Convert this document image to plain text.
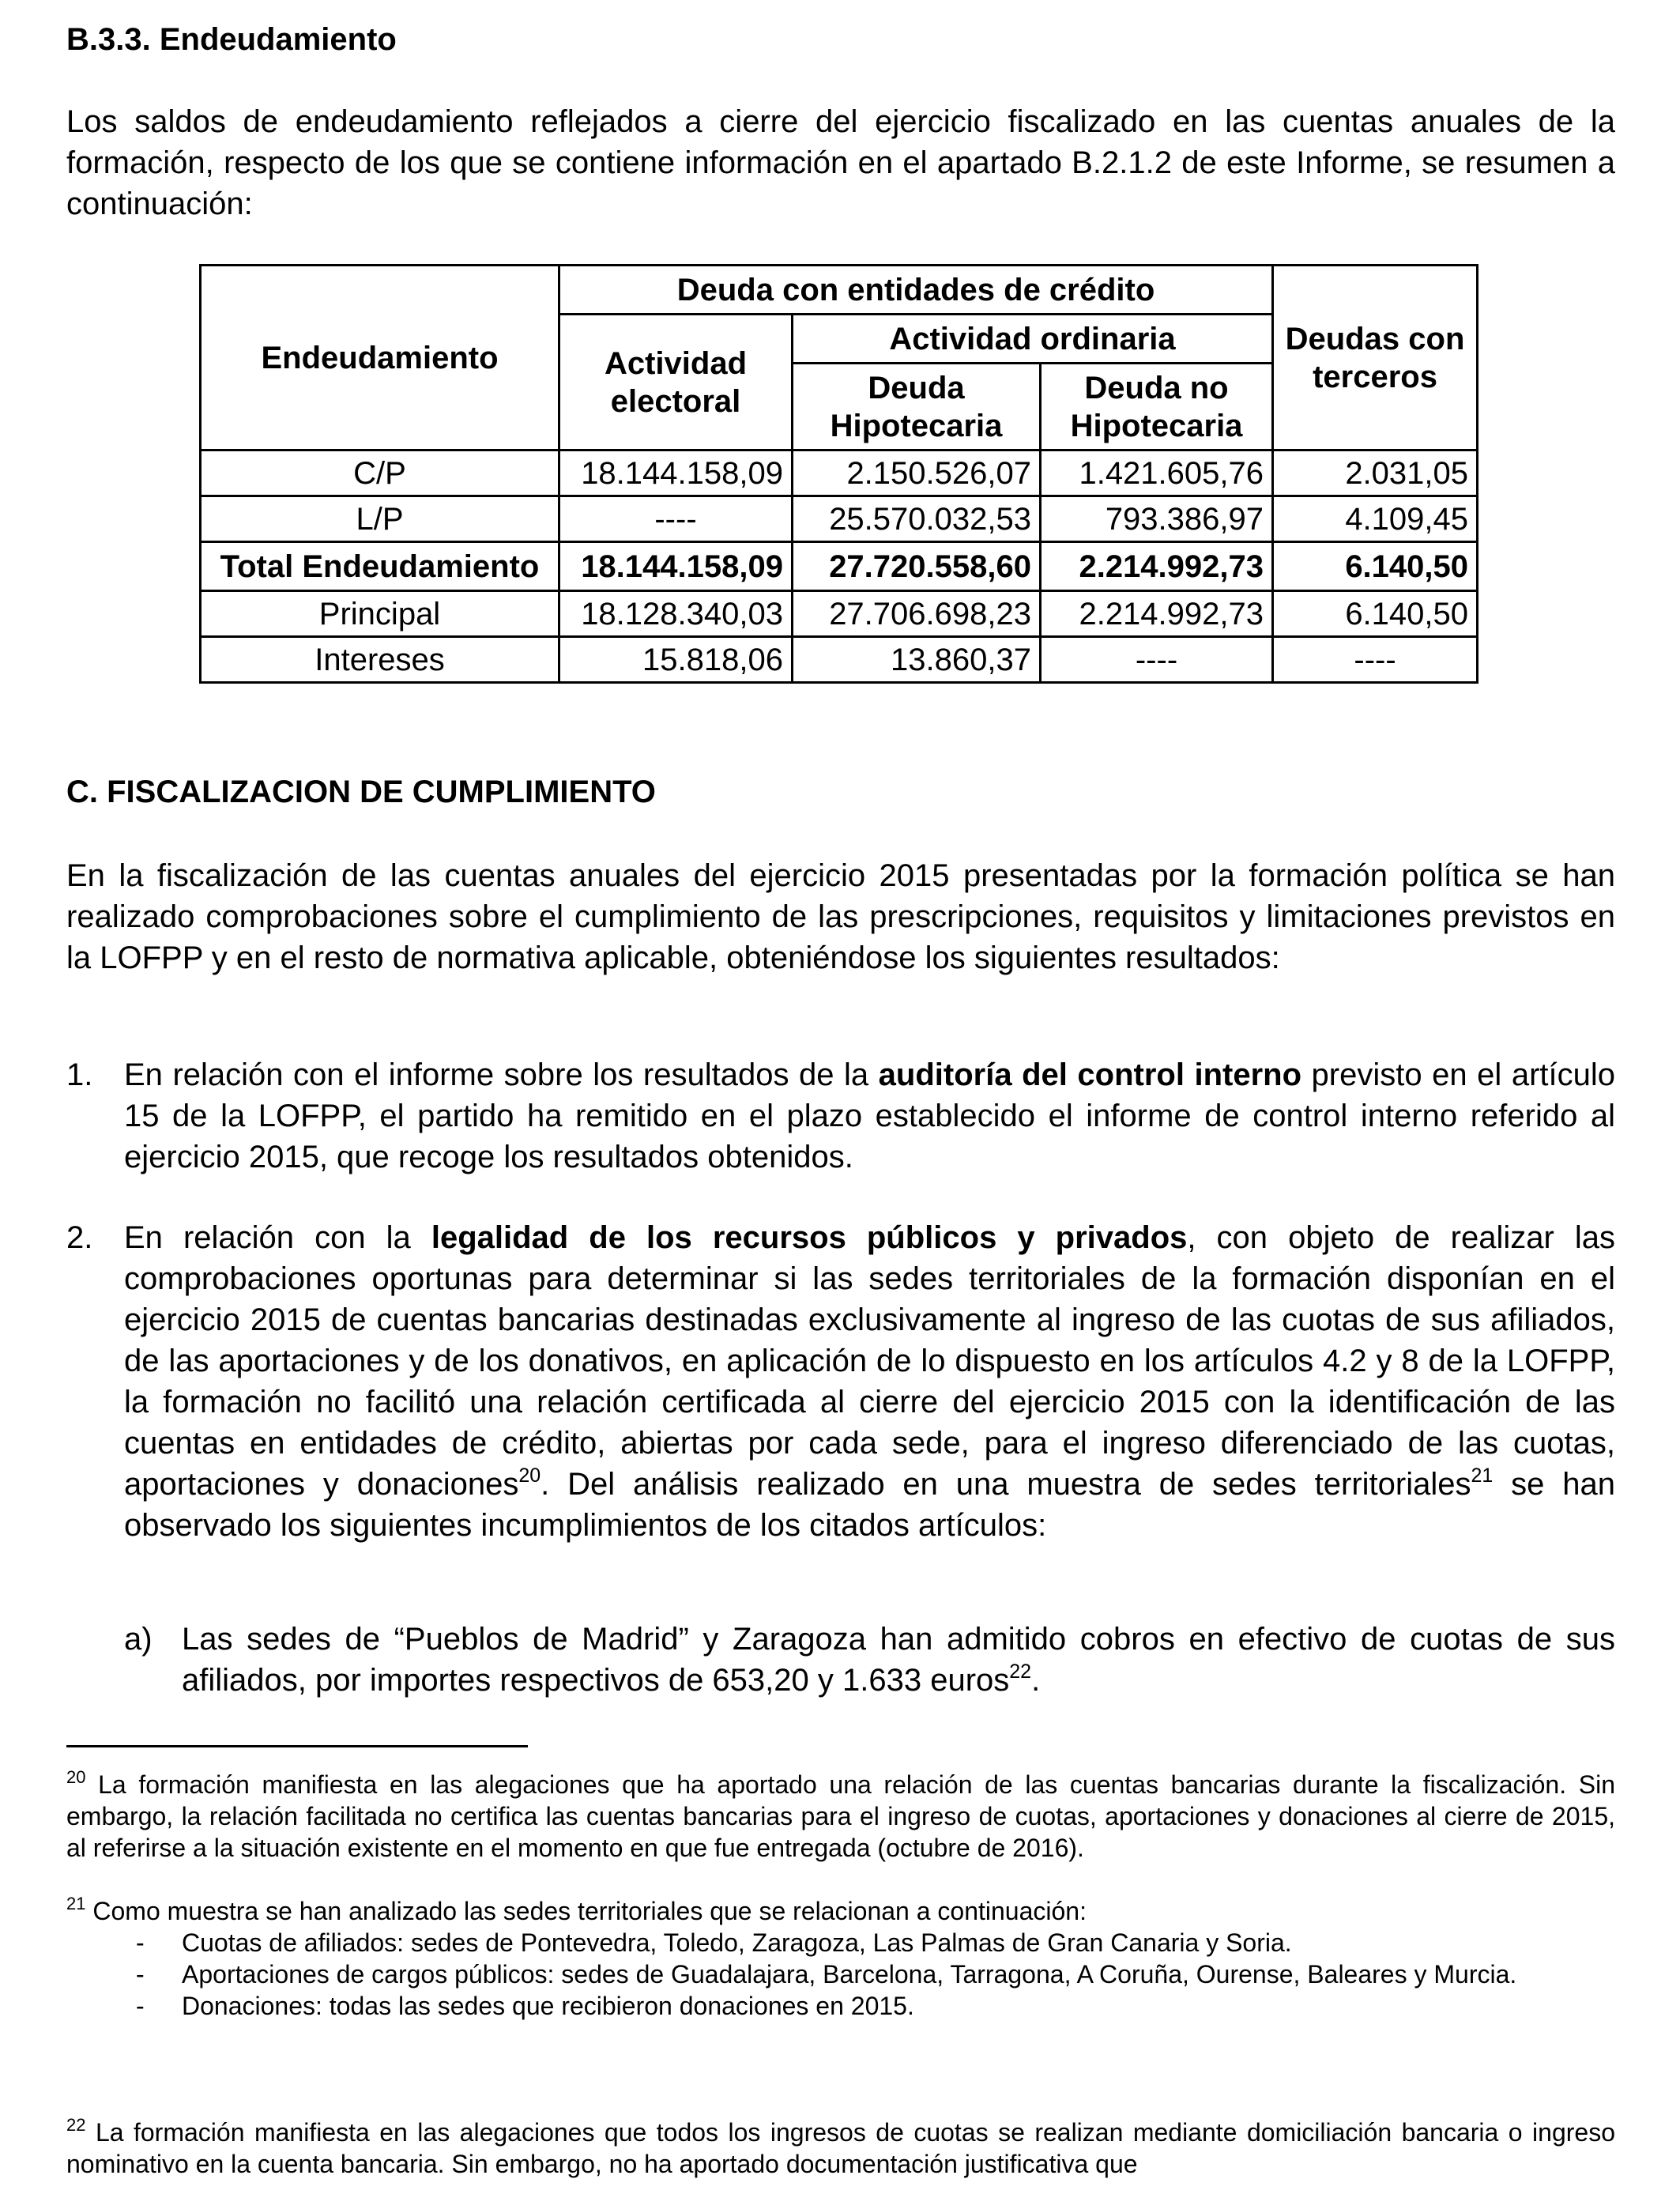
B.3.3. Endeudamiento
Los saldos de endeudamiento reflejados a cierre del ejercicio fiscalizado en las cuentas anuales de la formación, respecto de los que se contiene información en el apartado B.2.1.2 de este Informe, se resumen a continuación:
Endeudamiento	Deuda con entidades de crédito			Deudas con terceros
	Actividad electoral	Actividad ordinaria		
		Deuda Hipotecaria	Deuda no Hipotecaria	
C/P	18.144.158,09	2.150.526,07	1.421.605,76	2.031,05
L/P	----	25.570.032,53	793.386,97	4.109,45
Total Endeudamiento	18.144.158,09	27.720.558,60	2.214.992,73	6.140,50
Principal	18.128.340,03	27.706.698,23	2.214.992,73	6.140,50
Intereses	15.818,06	13.860,37	----	----
C. FISCALIZACION DE CUMPLIMIENTO
En la fiscalización de las cuentas anuales del ejercicio 2015 presentadas por la formación política se han realizado comprobaciones sobre el cumplimiento de las prescripciones, requisitos y limitaciones previstos en la LOFPP y en el resto de normativa aplicable, obteniéndose los siguientes resultados:
1. En relación con el informe sobre los resultados de la auditoría del control interno previsto en el artículo 15 de la LOFPP, el partido ha remitido en el plazo establecido el informe de control interno referido al ejercicio 2015, que recoge los resultados obtenidos.
2. En relación con la legalidad de los recursos públicos y privados, con objeto de realizar las comprobaciones oportunas para determinar si las sedes territoriales de la formación disponían en el ejercicio 2015 de cuentas bancarias destinadas exclusivamente al ingreso de las cuotas de sus afiliados, de las aportaciones y de los donativos, en aplicación de lo dispuesto en los artículos 4.2 y 8 de la LOFPP, la formación no facilitó una relación certificada al cierre del ejercicio 2015 con la identificación de las cuentas en entidades de crédito, abiertas por cada sede, para el ingreso diferenciado de las cuotas, aportaciones y donaciones$^{20}$. Del análisis realizado en una muestra de sedes territoriales$^{21}$ se han observado los siguientes incumplimientos de los citados artículos:
a) Las sedes de “Pueblos de Madrid” y Zaragoza han admitido cobros en efectivo de cuotas de sus afiliados, por importes respectivos de 653,20 y 1.633 euros$^{22}$.
$^{20}$ La formación manifiesta en las alegaciones que ha aportado una relación de las cuentas bancarias durante la fiscalización. Sin embargo, la relación facilitada no certifica las cuentas bancarias para el ingreso de cuotas, aportaciones y donaciones al cierre de 2015, al referirse a la situación existente en el momento en que fue entregada (octubre de 2016).
$^{21}$ Como muestra se han analizado las sedes territoriales que se relacionan a continuación:
- Cuotas de afiliados: sedes de Pontevedra, Toledo, Zaragoza, Las Palmas de Gran Canaria y Soria.
- Aportaciones de cargos públicos: sedes de Guadalajara, Barcelona, Tarragona, A Coruña, Ourense, Baleares y Murcia.
- Donaciones: todas las sedes que recibieron donaciones en 2015.
$^{22}$ La formación manifiesta en las alegaciones que todos los ingresos de cuotas se realizan mediante domiciliación bancaria o ingreso nominativo en la cuenta bancaria. Sin embargo, no ha aportado documentación justificativa que
